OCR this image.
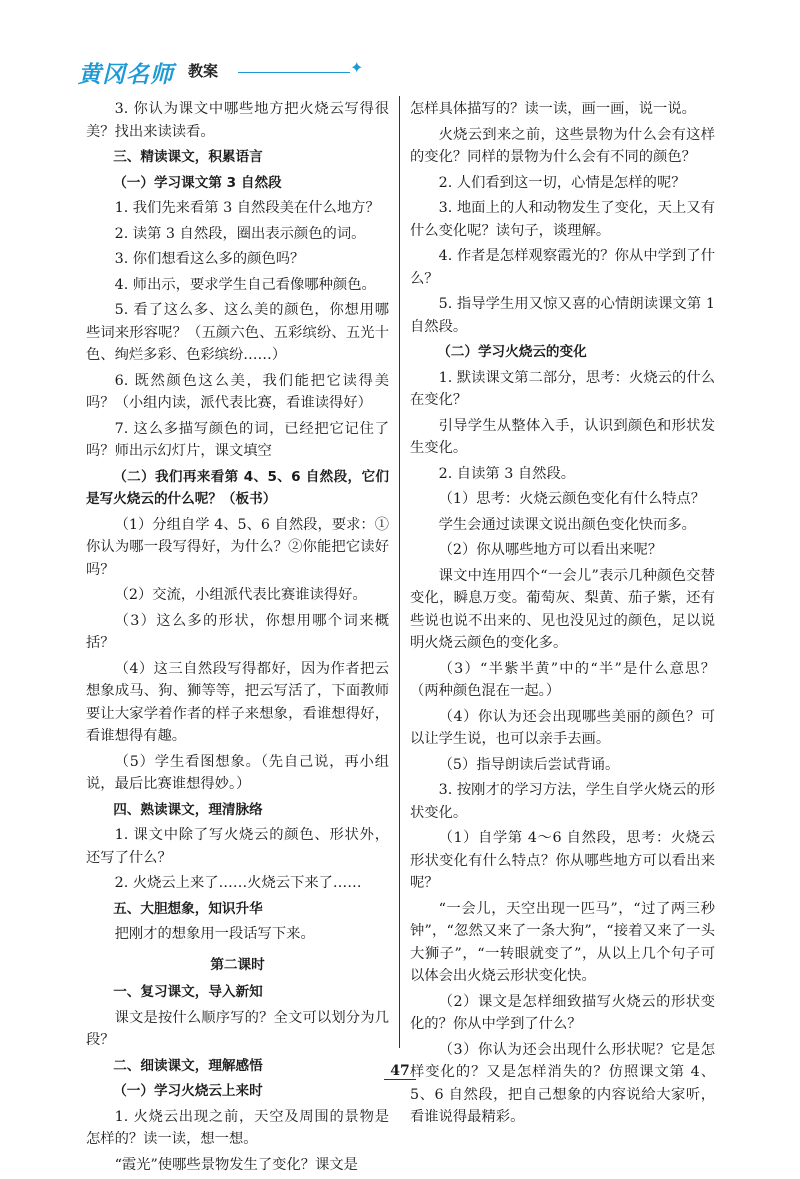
黄冈名师 教案	✦

3. 你认为课文中哪些地方把火烧云写得很美？找出来读读看。

三、精读课文，积累语言

（一）学习课文第 3 自然段

1. 我们先来看第 3 自然段美在什么地方？

2. 读第 3 自然段，圈出表示颜色的词。

3. 你们想看这么多的颜色吗？

4. 师出示，要求学生自己看像哪种颜色。

5. 看了这么多、这么美的颜色，你想用哪些词来形容呢？（五颜六色、五彩缤纷、五光十色、绚烂多彩、色彩缤纷……）

6. 既然颜色这么美，我们能把它读得美吗？（小组内读，派代表比赛，看谁读得好）

7. 这么多描写颜色的词，已经把它记住了吗？师出示幻灯片，课文填空

（二）我们再来看第 4、5、6 自然段，它们是写火烧云的什么呢？（板书）

（1）分组自学 4、5、6 自然段，要求：①你认为哪一段写得好，为什么？②你能把它读好吗？

（2）交流，小组派代表比赛谁读得好。

（3）这么多的形状，你想用哪个词来概括？

（4）这三自然段写得都好，因为作者把云想象成马、狗、狮等等，把云写活了，下面教师要让大家学着作者的样子来想象，看谁想得好，看谁想得有趣。

（5）学生看图想象。（先自己说，再小组说，最后比赛谁想得妙。）

四、熟读课文，理清脉络

1. 课文中除了写火烧云的颜色、形状外，还写了什么？

2. 火烧云上来了……火烧云下来了……

五、大胆想象，知识升华

把刚才的想象用一段话写下来。

第二课时

一、复习课文，导入新知

课文是按什么顺序写的？全文可以划分为几段？

二、细读课文，理解感悟

（一）学习火烧云上来时

1. 火烧云出现之前，天空及周围的景物是怎样的？读一读，想一想。

“霞光”使哪些景物发生了变化？课文是

怎样具体描写的？读一读，画一画，说一说。

火烧云到来之前，这些景物为什么会有这样的变化？同样的景物为什么会有不同的颜色？

2. 人们看到这一切，心情是怎样的呢？

3. 地面上的人和动物发生了变化，天上又有什么变化呢？读句子，谈理解。

4. 作者是怎样观察霞光的？你从中学到了什么？

5. 指导学生用又惊又喜的心情朗读课文第 1 自然段。

（二）学习火烧云的变化

1. 默读课文第二部分，思考：火烧云的什么在变化？

引导学生从整体入手，认识到颜色和形状发生变化。

2. 自读第 3 自然段。

（1）思考：火烧云颜色变化有什么特点？

学生会通过读课文说出颜色变化快而多。

（2）你从哪些地方可以看出来呢？

课文中连用四个“一会儿”表示几种颜色交替变化，瞬息万变。葡萄灰、梨黄、茄子紫，还有些说也说不出来的、见也没见过的颜色，足以说明火烧云颜色的变化多。

（3）“半紫半黄”中的“半”是什么意思？（两种颜色混在一起。）

（4）你认为还会出现哪些美丽的颜色？可以让学生说，也可以亲手去画。

（5）指导朗读后尝试背诵。

3. 按刚才的学习方法，学生自学火烧云的形状变化。

（1）自学第 4～6 自然段，思考：火烧云形状变化有什么特点？你从哪些地方可以看出来呢？

“一会儿，天空出现一匹马”，“过了两三秒钟”，“忽然又来了一条大狗”，“接着又来了一头大狮子”，“一转眼就变了”，从以上几个句子可以体会出火烧云形状变化快。

（2）课文是怎样细致描写火烧云的形状变化的？你从中学到了什么？

（3）你认为还会出现什么形状呢？它是怎样变化的？又是怎样消失的？仿照课文第 4、5、6 自然段，把自己想象的内容说给大家听，看谁说得最精彩。

47
